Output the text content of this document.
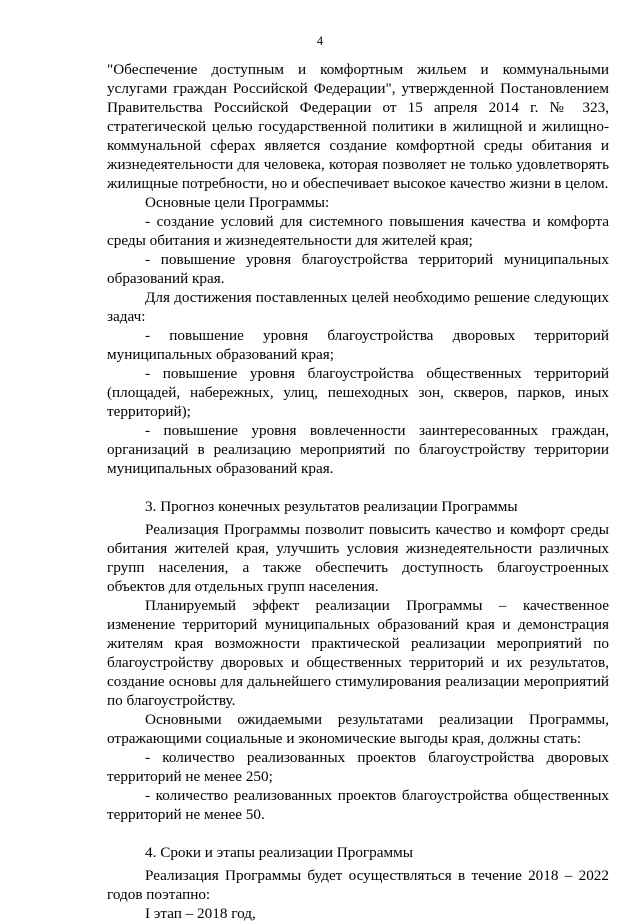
4

"Обеспечение доступным и комфортным жильем и коммунальными услугами граждан Российской Федерации", утвержденной Постановлением Правительства Российской Федерации от 15 апреля 2014 г. № 323, стратегической целью государственной политики в жилищной и жилищно-коммунальной сферах является создание комфортной среды обитания и жизнедеятельности для человека, которая позволяет не только удовлетворять жилищные потребности, но и обеспечивает высокое качество жизни в целом.

Основные цели Программы:

- создание условий для системного повышения качества и комфорта среды обитания и жизнедеятельности для жителей края;

- повышение уровня благоустройства территорий муниципальных образований края.

Для достижения поставленных целей необходимо решение следующих задач:

- повышение уровня благоустройства дворовых территорий муниципальных образований края;

- повышение уровня благоустройства общественных территорий (площадей, набережных, улиц, пешеходных зон, скверов, парков, иных территорий);

- повышение уровня вовлеченности заинтересованных граждан, организаций в реализацию мероприятий по благоустройству территории муниципальных образований края.

3. Прогноз конечных результатов реализации Программы

Реализация Программы позволит повысить качество и комфорт среды обитания жителей края, улучшить условия жизнедеятельности различных групп населения, а также обеспечить доступность благоустроенных объектов для отдельных групп населения.

Планируемый эффект реализации Программы – качественное изменение территорий муниципальных образований края и демонстрация жителям края возможности практической реализации мероприятий по благоустройству дворовых и общественных территорий и их результатов, создание основы для дальнейшего стимулирования реализации мероприятий по благоустройству.

Основными ожидаемыми результатами реализации Программы, отражающими социальные и экономические выгоды края, должны стать:

- количество реализованных проектов благоустройства дворовых территорий не менее 250;

- количество реализованных проектов благоустройства общественных территорий не менее 50.

4. Сроки и этапы реализации Программы

Реализация Программы будет осуществляться в течение 2018 – 2022 годов поэтапно:

I этап – 2018 год,
